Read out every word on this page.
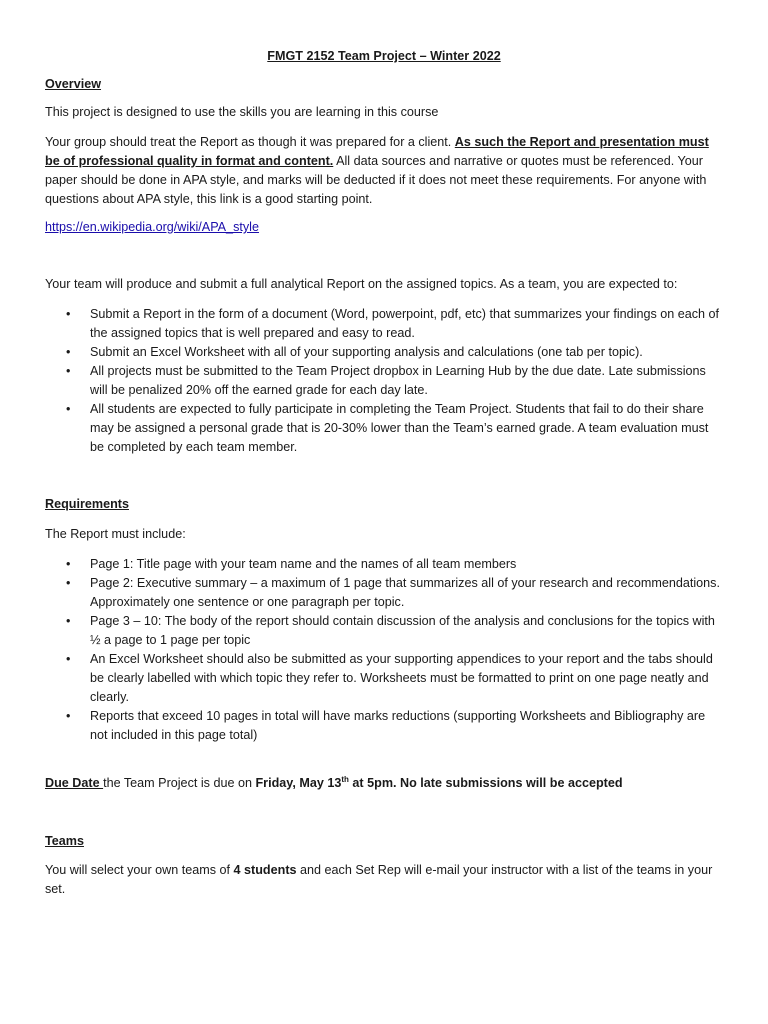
FMGT 2152 Team Project – Winter 2022
Overview
This project is designed to use the skills you are learning in this course
Your group should treat the Report as though it was prepared for a client. As such the Report and presentation must be of professional quality in format and content. All data sources and narrative or quotes must be referenced. Your paper should be done in APA style, and marks will be deducted if it does not meet these requirements. For anyone with questions about APA style, this link is a good starting point.
https://en.wikipedia.org/wiki/APA_style
Your team will produce and submit a full analytical Report on the assigned topics. As a team, you are expected to:
• Submit a Report in the form of a document (Word, powerpoint, pdf, etc) that summarizes your findings on each of the assigned topics that is well prepared and easy to read.
• Submit an Excel Worksheet with all of your supporting analysis and calculations (one tab per topic).
• All projects must be submitted to the Team Project dropbox in Learning Hub by the due date. Late submissions will be penalized 20% off the earned grade for each day late.
• All students are expected to fully participate in completing the Team Project. Students that fail to do their share may be assigned a personal grade that is 20-30% lower than the Team’s earned grade. A team evaluation must be completed by each team member.
Requirements
The Report must include:
• Page 1: Title page with your team name and the names of all team members
• Page 2: Executive summary – a maximum of 1 page that summarizes all of your research and recommendations. Approximately one sentence or one paragraph per topic.
• Page 3 – 10: The body of the report should contain discussion of the analysis and conclusions for the topics with ½ a page to 1 page per topic
• An Excel Worksheet should also be submitted as your supporting appendices to your report and the tabs should be clearly labelled with which topic they refer to. Worksheets must be formatted to print on one page neatly and clearly.
• Reports that exceed 10 pages in total will have marks reductions (supporting Worksheets and Bibliography are not included in this page total)
Due Date the Team Project is due on Friday, May 13th at 5pm. No late submissions will be accepted
Teams
You will select your own teams of 4 students and each Set Rep will e-mail your instructor with a list of the teams in your set.
